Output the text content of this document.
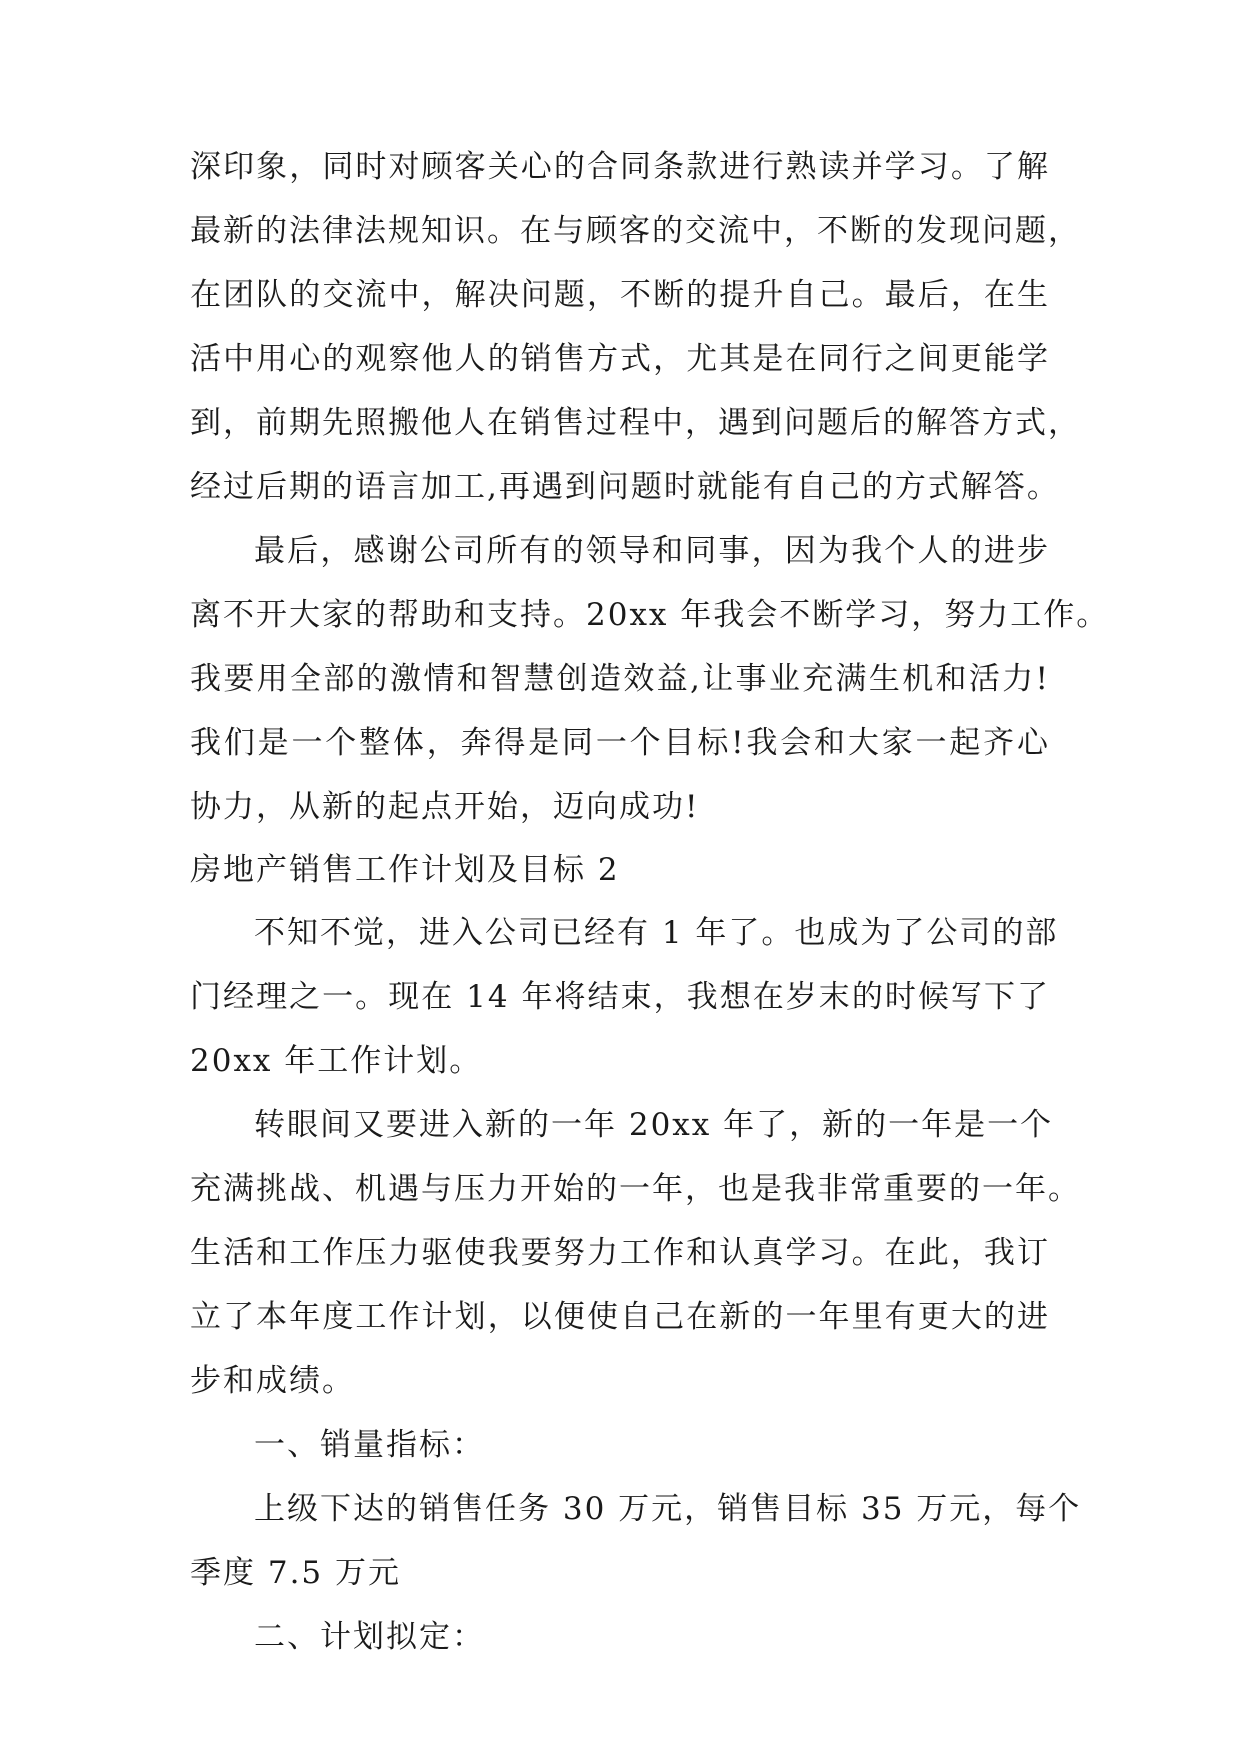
深印象，同时对顾客关心的合同条款进行熟读并学习。了解
最新的法律法规知识。在与顾客的交流中，不断的发现问题，
在团队的交流中，解决问题，不断的提升自己。最后，在生
活中用心的观察他人的销售方式，尤其是在同行之间更能学
到，前期先照搬他人在销售过程中，遇到问题后的解答方式，
经过后期的语言加工,再遇到问题时就能有自己的方式解答。
最后，感谢公司所有的领导和同事，因为我个人的进步
离不开大家的帮助和支持。20xx 年我会不断学习，努力工作。
我要用全部的激情和智慧创造效益,让事业充满生机和活力!
我们是一个整体，奔得是同一个目标!我会和大家一起齐心
协力，从新的起点开始，迈向成功!
房地产销售工作计划及目标 2
不知不觉，进入公司已经有 1 年了。也成为了公司的部
门经理之一。现在 14 年将结束，我想在岁末的时候写下了
20xx 年工作计划。
转眼间又要进入新的一年 20xx 年了，新的一年是一个
充满挑战、机遇与压力开始的一年，也是我非常重要的一年。
生活和工作压力驱使我要努力工作和认真学习。在此，我订
立了本年度工作计划，以便使自己在新的一年里有更大的进
步和成绩。
一、销量指标：
上级下达的销售任务 30 万元，销售目标 35 万元，每个
季度 7.5 万元
二、计划拟定：
